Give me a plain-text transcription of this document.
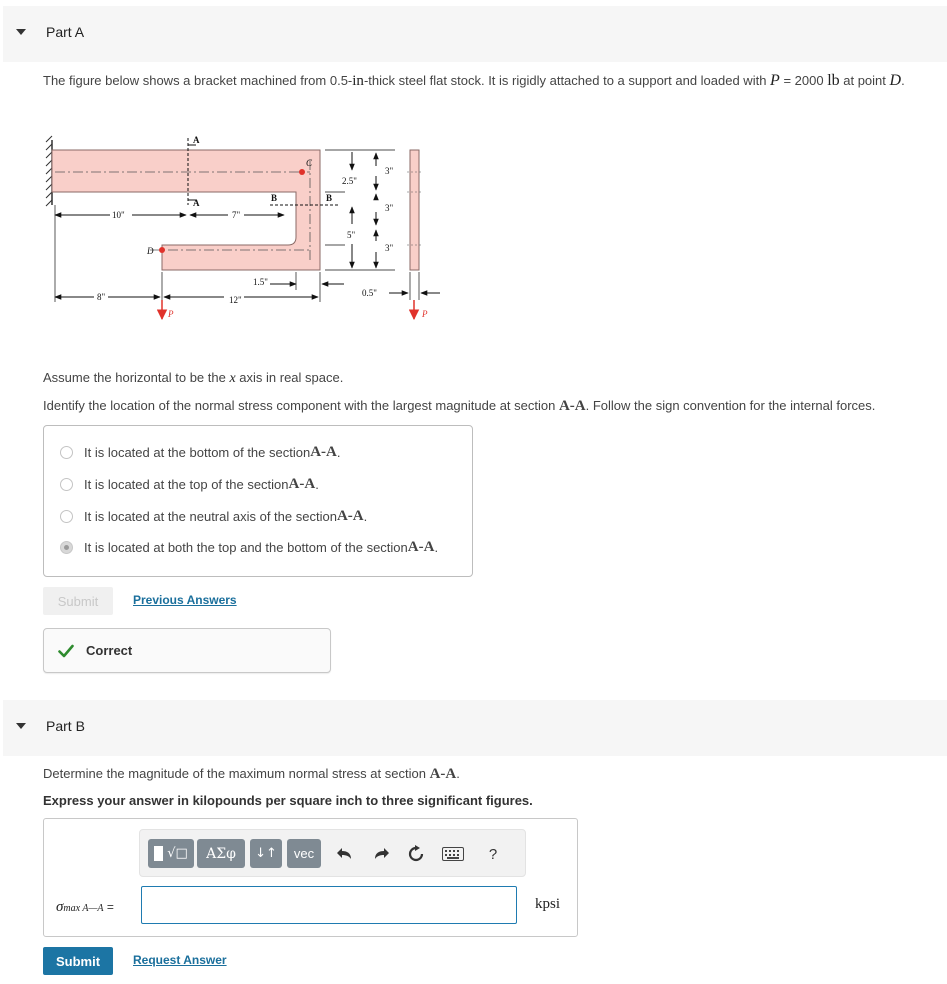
Part A
The figure below shows a bracket machined from 0.5-in-thick steel flat stock. It is rigidly attached to a support and loaded with P = 2000 lb at point D.
A
A	B	B
C
D
10"	7"
8"	12"
1.5"
2.5"
5"
3"
3"
3"
0.5"
P	P
Assume the horizontal to be the x axis in real space.
Identify the location of the normal stress component with the largest magnitude at section A-A. Follow the sign convention for the internal forces.
It is located at the bottom of the section A-A .
It is located at the top of the section A-A .
It is located at the neutral axis of the section A-A .
It is located at both the top and the bottom of the section A-A .
Submit	Previous Answers
Correct
Part B
Determine the magnitude of the maximum normal stress at section A-A.
Express your answer in kilopounds per square inch to three significant figures.
√□	ΑΣφ	↓↑	vec	?
σmax A—A =	kpsi
Submit	Request Answer
